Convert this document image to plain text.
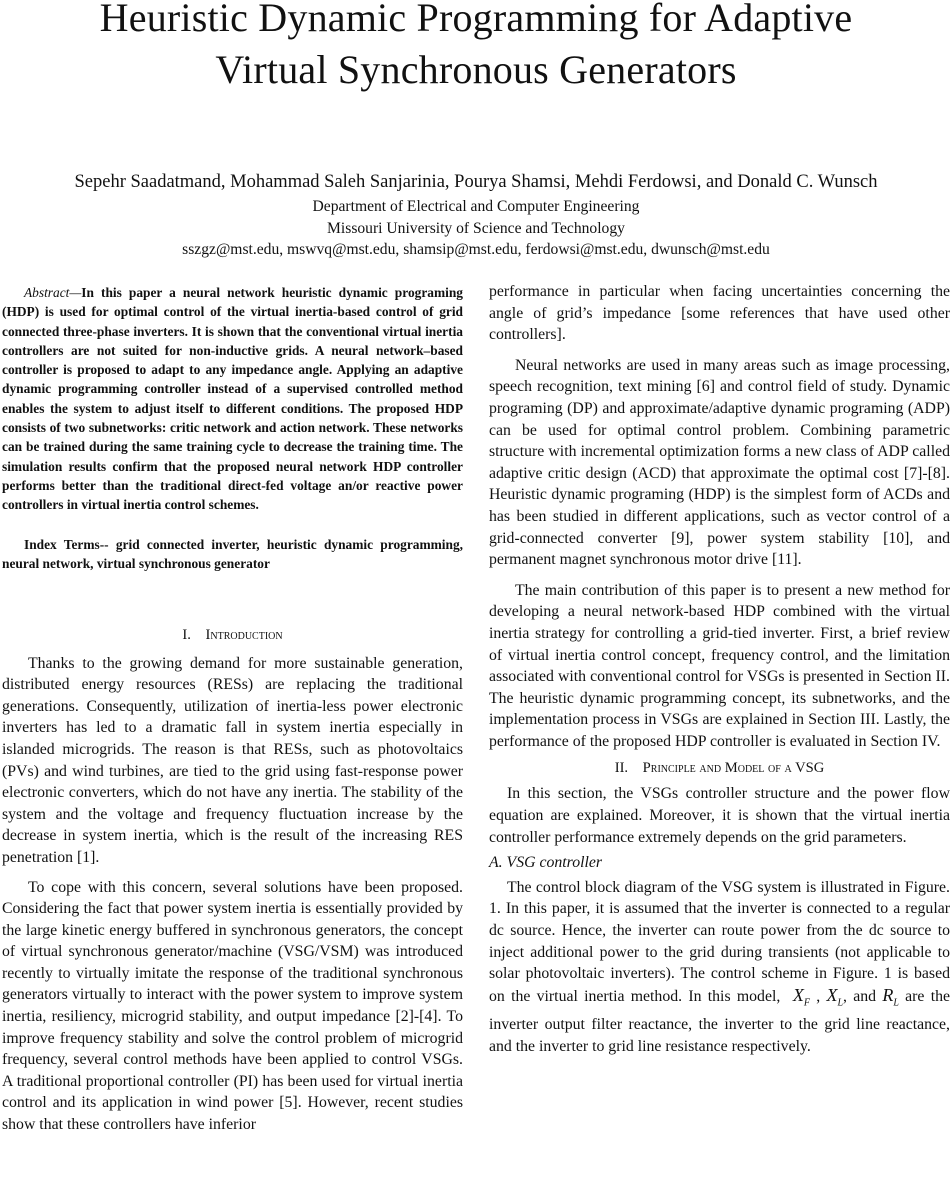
Heuristic Dynamic Programming for Adaptive
Virtual Synchronous Generators
Sepehr Saadatmand, Mohammad Saleh Sanjarinia, Pourya Shamsi, Mehdi Ferdowsi, and Donald C. Wunsch
Department of Electrical and Computer Engineering
Missouri University of Science and Technology
sszgz@mst.edu, mswvq@mst.edu, shamsip@mst.edu, ferdowsi@mst.edu, dwunsch@mst.edu

Abstract—In this paper a neural network heuristic dynamic programing (HDP) is used for optimal control of the virtual inertia-based control of grid connected three-phase inverters. It is shown that the conventional virtual inertia controllers are not suited for non-inductive grids. A neural network–based controller is proposed to adapt to any impedance angle. Applying an adaptive dynamic programming controller instead of a supervised controlled method enables the system to adjust itself to different conditions. The proposed HDP consists of two subnetworks: critic network and action network. These networks can be trained during the same training cycle to decrease the training time. The simulation results confirm that the proposed neural network HDP controller performs better than the traditional direct-fed voltage an/or reactive power controllers in virtual inertia control schemes.

Index Terms-- grid connected inverter, heuristic dynamic programming, neural network, virtual synchronous generator

I. Introduction

Thanks to the growing demand for more sustainable generation, distributed energy resources (RESs) are replacing the traditional generations. Consequently, utilization of inertia-less power electronic inverters has led to a dramatic fall in system inertia especially in islanded microgrids. The reason is that RESs, such as photovoltaics (PVs) and wind turbines, are tied to the grid using fast-response power electronic converters, which do not have any inertia. The stability of the system and the voltage and frequency fluctuation increase by the decrease in system inertia, which is the result of the increasing RES penetration [1].

To cope with this concern, several solutions have been proposed. Considering the fact that power system inertia is essentially provided by the large kinetic energy buffered in synchronous generators, the concept of virtual synchronous generator/machine (VSG/VSM) was introduced recently to virtually imitate the response of the traditional synchronous generators virtually to interact with the power system to improve system inertia, resiliency, microgrid stability, and output impedance [2]-[4]. To improve frequency stability and solve the control problem of microgrid frequency, several control methods have been applied to control VSGs. A traditional proportional controller (PI) has been used for virtual inertia control and its application in wind power [5]. However, recent studies show that these controllers have inferior

performance in particular when facing uncertainties concerning the angle of grid’s impedance [some references that have used other controllers].

Neural networks are used in many areas such as image processing, speech recognition, text mining [6] and control field of study. Dynamic programing (DP) and approximate/adaptive dynamic programing (ADP) can be used for optimal control problem. Combining parametric structure with incremental optimization forms a new class of ADP called adaptive critic design (ACD) that approximate the optimal cost [7]-[8]. Heuristic dynamic programing (HDP) is the simplest form of ACDs and has been studied in different applications, such as vector control of a grid-connected converter [9], power system stability [10], and permanent magnet synchronous motor drive [11].

The main contribution of this paper is to present a new method for developing a neural network-based HDP combined with the virtual inertia strategy for controlling a grid-tied inverter. First, a brief review of virtual inertia control concept, frequency control, and the limitation associated with conventional control for VSGs is presented in Section II. The heuristic dynamic programming concept, its subnetworks, and the implementation process in VSGs are explained in Section III. Lastly, the performance of the proposed HDP controller is evaluated in Section IV.

II. Principle and Model of a VSG

In this section, the VSGs controller structure and the power flow equation are explained. Moreover, it is shown that the virtual inertia controller performance extremely depends on the grid parameters.

A. VSG controller

The control block diagram of the VSG system is illustrated in Figure. 1. In this paper, it is assumed that the inverter is connected to a regular dc source. Hence, the inverter can route power from the dc source to inject additional power to the grid during transients (not applicable to solar photovoltaic inverters). The control scheme in Figure. 1 is based on the virtual inertia method. In this model, $X_F$ , $X_L$, and $R_L$ are the inverter output filter reactance, the inverter to the grid line reactance, and the inverter to grid line resistance respectively.
